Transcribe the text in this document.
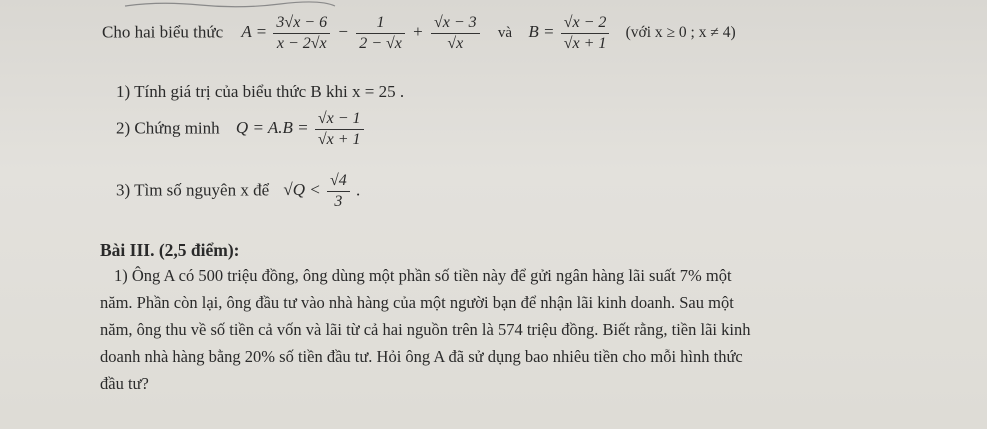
Cho hai biểu thức $A = \frac{3√x - 6}{x - 2√x} - \frac{1}{2 - √x} + \frac{√x - 3}{√x}$ và $B = \frac{√x - 2}{√x + 1}$ (với x ≥ 0 ; x ≠ 4)
1) Tính giá trị của biểu thức B khi x = 25 .
2) Chứng minh $Q = A.B = \frac{√x - 1}{√x + 1}$
3) Tìm số nguyên x để $√Q < \frac{√4}{3}$ .
Bài III. (2,5 điểm):
1) Ông A có 500 triệu đồng, ông dùng một phần số tiền này để gửi ngân hàng lãi suất 7% một
năm. Phần còn lại, ông đầu tư vào nhà hàng của một người bạn để nhận lãi kinh doanh. Sau một
năm, ông thu về số tiền cả vốn và lãi từ cả hai nguồn trên là 574 triệu đồng. Biết rằng, tiền lãi kinh
doanh nhà hàng bằng 20% số tiền đầu tư. Hỏi ông A đã sử dụng bao nhiêu tiền cho mỗi hình thức
đầu tư?
